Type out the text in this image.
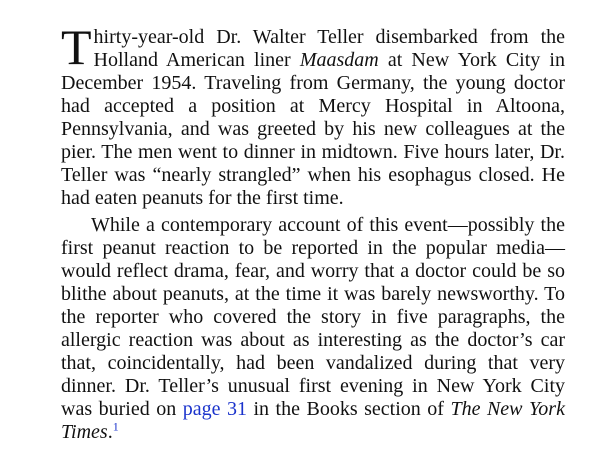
Thirty-year-old Dr. Walter Teller disembarked from the Holland American liner Maasdam at New York City in December 1954. Traveling from Germany, the young doctor had accepted a position at Mercy Hospital in Altoona, Pennsylvania, and was greeted by his new colleagues at the pier. The men went to dinner in midtown. Five hours later, Dr. Teller was “nearly strangled” when his esophagus closed. He had eaten peanuts for the first time.

While a contemporary account of this event—possibly the first peanut reaction to be reported in the popular media—would reflect drama, fear, and worry that a doctor could be so blithe about peanuts, at the time it was barely newsworthy. To the reporter who covered the story in five paragraphs, the allergic reaction was about as interesting as the doctor’s car that, coincidentally, had been vandalized during that very dinner. Dr. Teller’s unusual first evening in New York City was buried on page 31 in the Books section of The New York Times.$^1$
